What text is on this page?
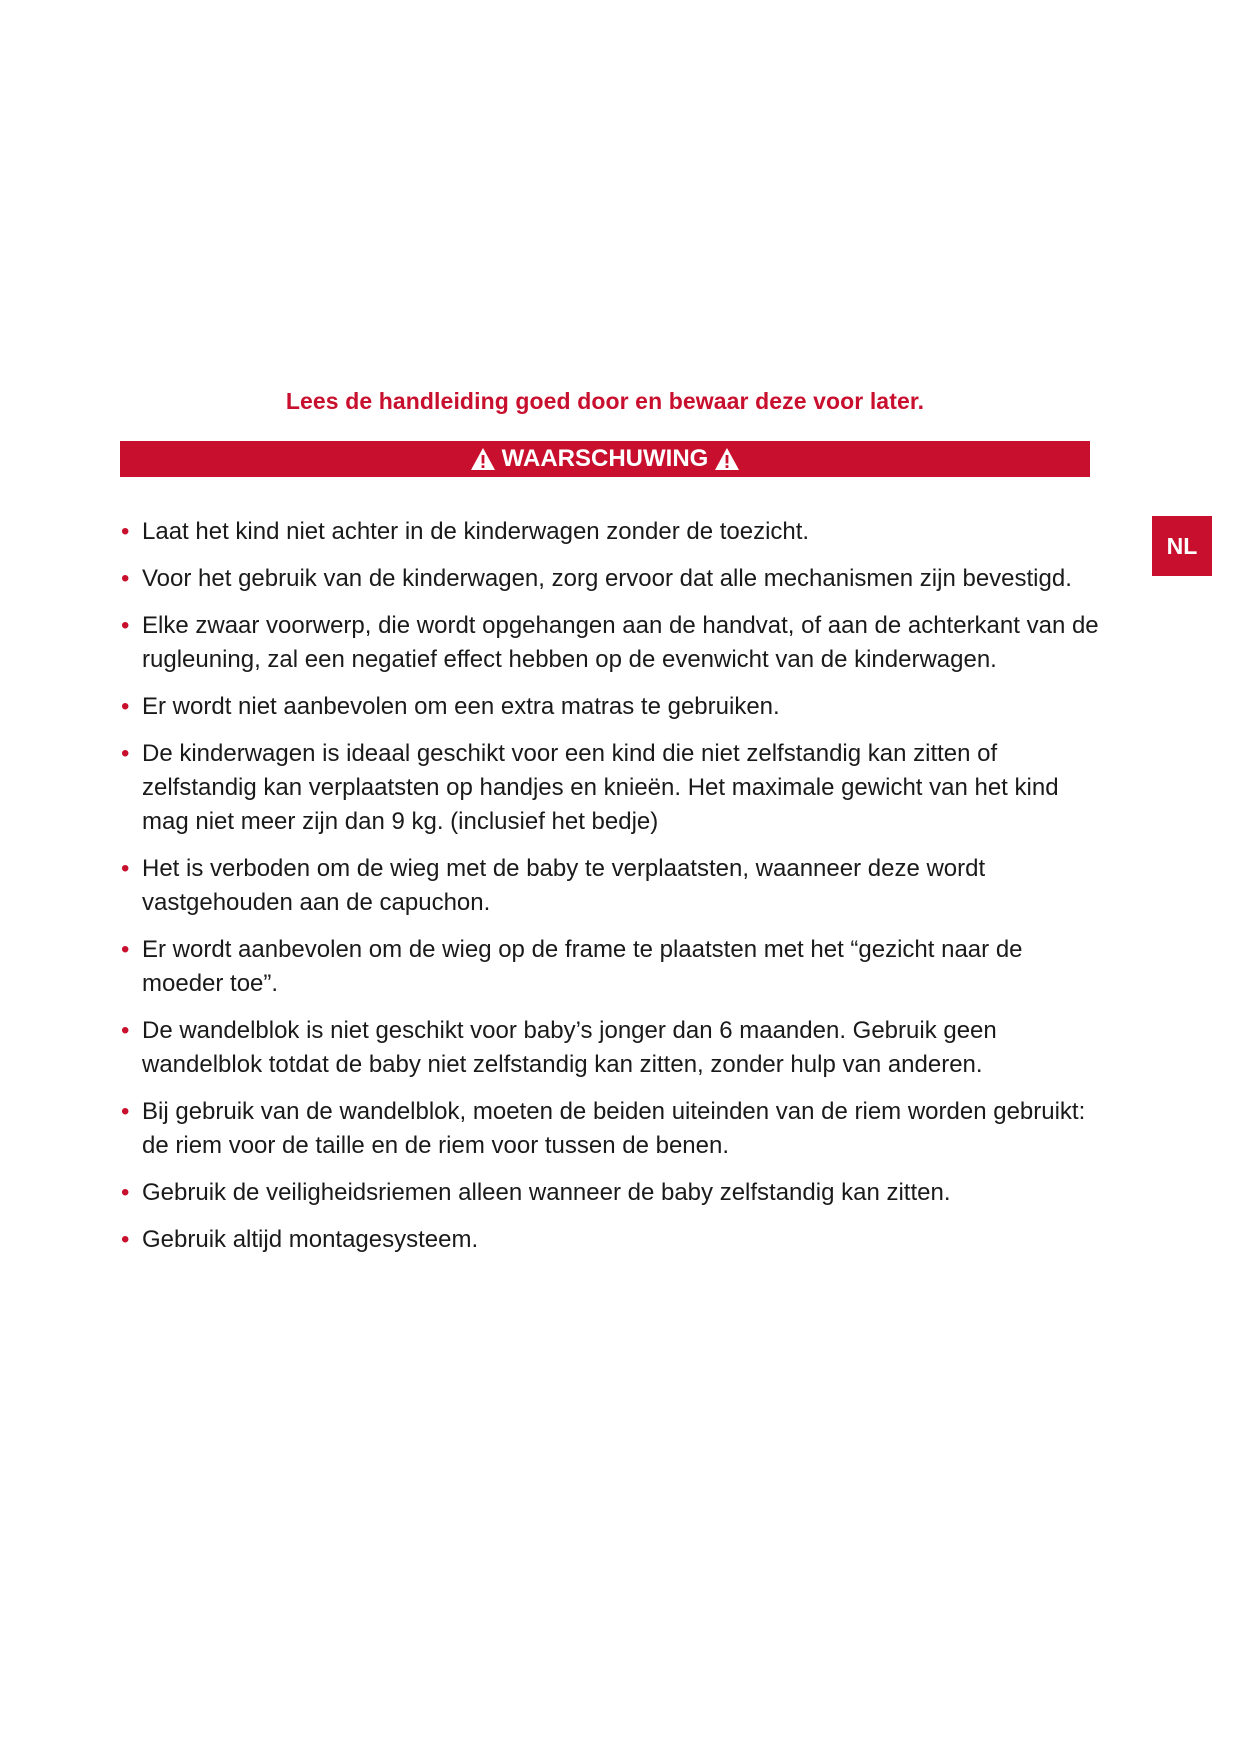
Lees de handleiding goed door en bewaar deze voor later.
WAARSCHUWING
NL
• Laat het kind niet achter in de kinderwagen zonder de toezicht.
• Voor het gebruik van de kinderwagen, zorg ervoor dat alle mechanismen zijn bevestigd.
• Elke zwaar voorwerp, die wordt opgehangen aan de handvat, of aan de achterkant van de rugleuning, zal een negatief effect hebben op de evenwicht van de kinderwagen.
• Er wordt niet aanbevolen om een extra matras te gebruiken.
• De kinderwagen is ideaal geschikt voor een kind die niet zelfstandig kan zitten of zelfstandig kan verplaatsten op handjes en knieën. Het maximale gewicht van het kind mag niet meer zijn dan 9 kg. (inclusief het bedje)
• Het is verboden om de wieg met de baby te verplaatsten, waanneer deze wordt vastgehouden aan de capuchon.
• Er wordt aanbevolen om de wieg op de frame te plaatsten met het “gezicht naar de moeder toe”.
• De wandelblok is niet geschikt voor baby’s jonger dan 6 maanden. Gebruik geen wandelblok totdat de baby niet zelfstandig kan zitten, zonder hulp van anderen.
• Bij gebruik van de wandelblok, moeten de beiden uiteinden van de riem worden gebruikt: de riem voor de taille en de riem voor tussen de benen.
• Gebruik de veiligheidsriemen alleen wanneer de baby zelfstandig kan zitten.
• Gebruik altijd montagesysteem.
